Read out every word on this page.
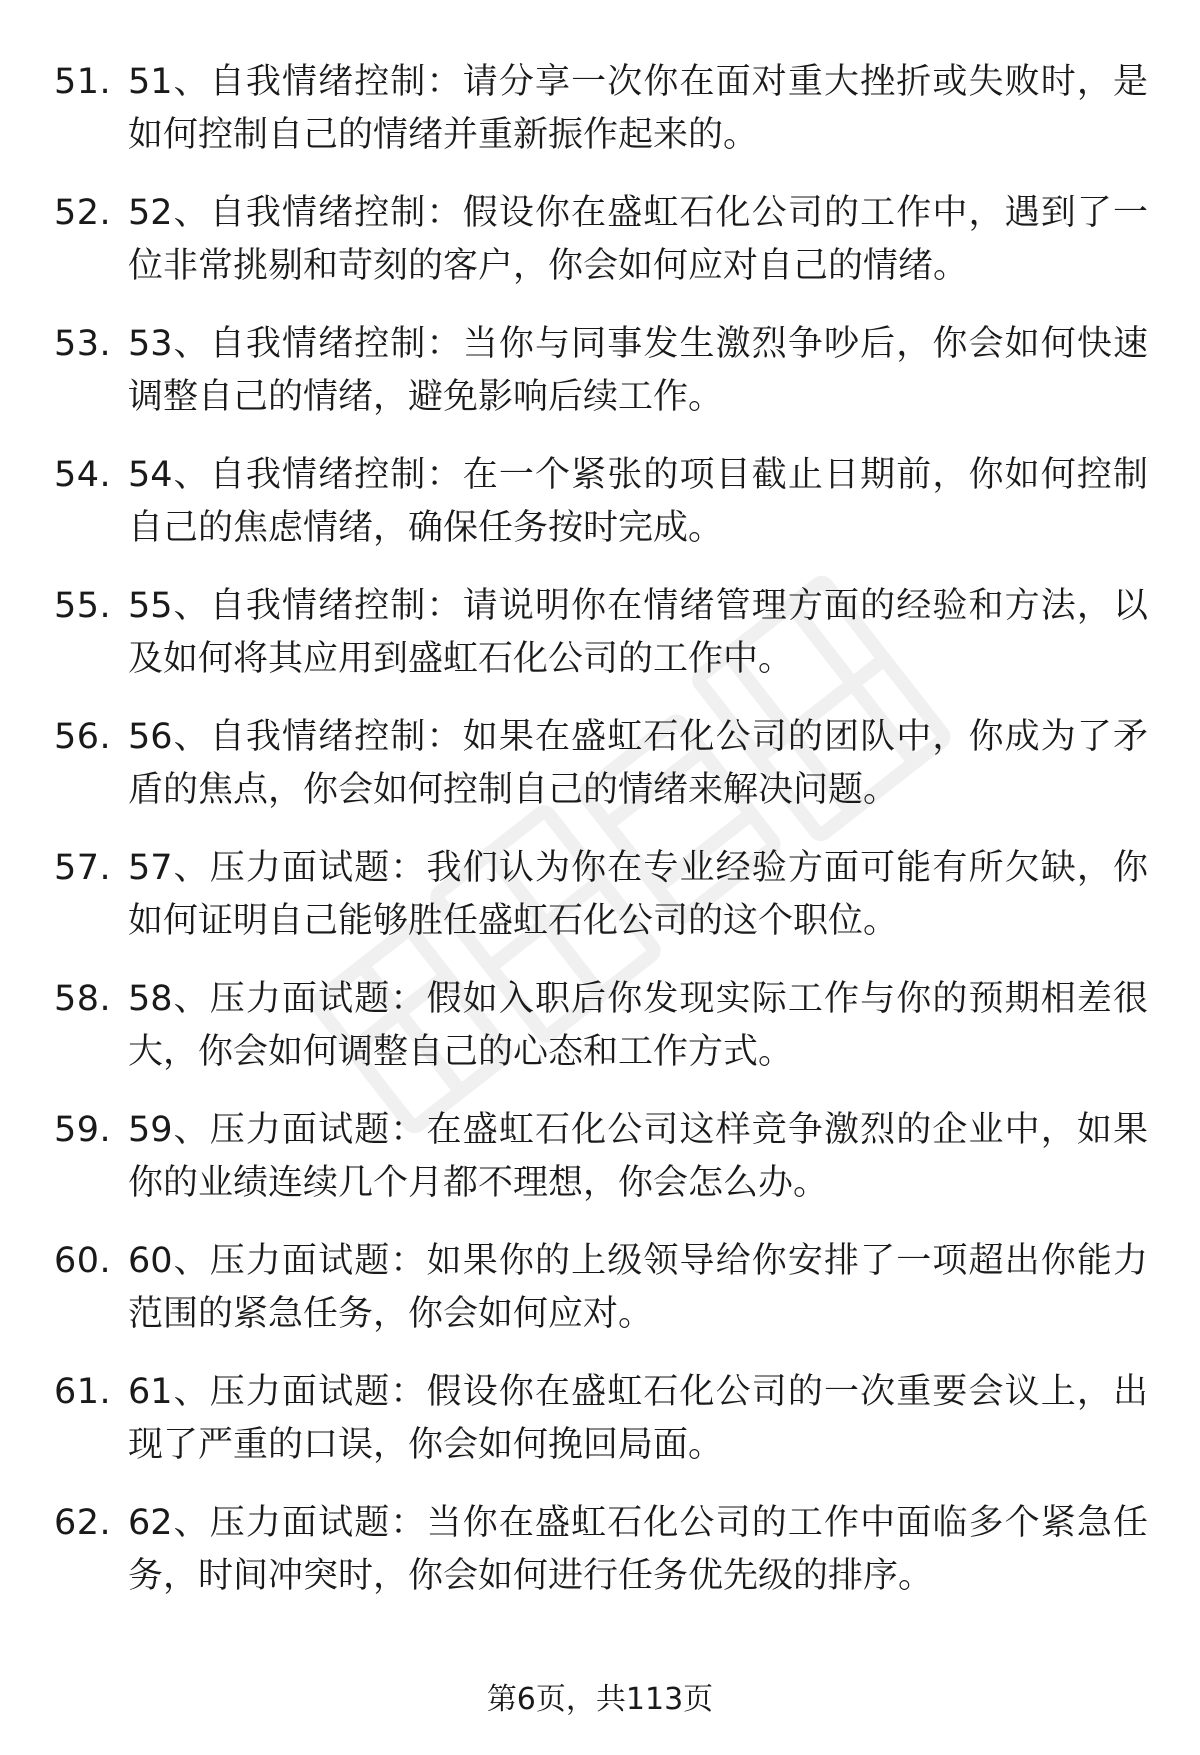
51. 51、自我情绪控制：请分享一次你在面对重大挫折或失败时，是如何控制自己的情绪并重新振作起来的。
52. 52、自我情绪控制：假设你在盛虹石化公司的工作中，遇到了一位非常挑剔和苛刻的客户，你会如何应对自己的情绪。
53. 53、自我情绪控制：当你与同事发生激烈争吵后，你会如何快速调整自己的情绪，避免影响后续工作。
54. 54、自我情绪控制：在一个紧张的项目截止日期前，你如何控制自己的焦虑情绪，确保任务按时完成。
55. 55、自我情绪控制：请说明你在情绪管理方面的经验和方法，以及如何将其应用到盛虹石化公司的工作中。
56. 56、自我情绪控制：如果在盛虹石化公司的团队中，你成为了矛盾的焦点，你会如何控制自己的情绪来解决问题。
57. 57、压力面试题：我们认为你在专业经验方面可能有所欠缺，你如何证明自己能够胜任盛虹石化公司的这个职位。
58. 58、压力面试题：假如入职后你发现实际工作与你的预期相差很大，你会如何调整自己的心态和工作方式。
59. 59、压力面试题：在盛虹石化公司这样竞争激烈的企业中，如果你的业绩连续几个月都不理想，你会怎么办。
60. 60、压力面试题：如果你的上级领导给你安排了一项超出你能力范围的紧急任务，你会如何应对。
61. 61、压力面试题：假设你在盛虹石化公司的一次重要会议上，出现了严重的口误，你会如何挽回局面。
62. 62、压力面试题：当你在盛虹石化公司的工作中面临多个紧急任务，时间冲突时，你会如何进行任务优先级的排序。
第6页，共113页
